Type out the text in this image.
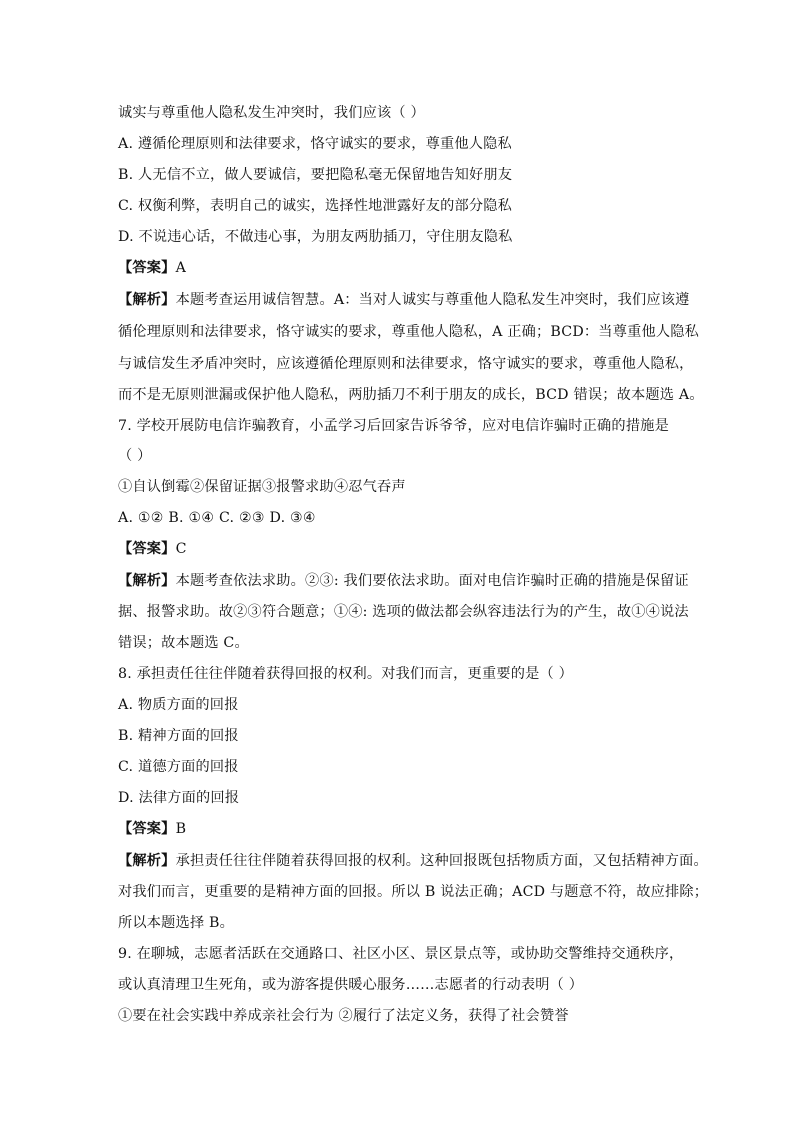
诚实与尊重他人隐私发生冲突时，我们应该（ ）
A. 遵循伦理原则和法律要求，恪守诚实的要求，尊重他人隐私
B. 人无信不立，做人要诚信，要把隐私毫无保留地告知好朋友
C. 权衡利弊，表明自己的诚实，选择性地泄露好友的部分隐私
D. 不说违心话，不做违心事，为朋友两肋插刀，守住朋友隐私
【答案】A
【解析】本题考查运用诚信智慧。A：当对人诚实与尊重他人隐私发生冲突时，我们应该遵
循伦理原则和法律要求，恪守诚实的要求，尊重他人隐私，A 正确；BCD：当尊重他人隐私
与诚信发生矛盾冲突时，应该遵循伦理原则和法律要求，恪守诚实的要求，尊重他人隐私，
而不是无原则泄漏或保护他人隐私，两肋插刀不利于朋友的成长，BCD 错误；故本题选 A。
7. 学校开展防电信诈骗教育，小孟学习后回家告诉爷爷，应对电信诈骗时正确的措施是
（ ）
①自认倒霉②保留证据③报警求助④忍气吞声
A. ①② B. ①④ C. ②③ D. ③④
【答案】C
【解析】本题考查依法求助。②③: 我们要依法求助。面对电信诈骗时正确的措施是保留证
据、报警求助。故②③符合题意；①④: 选项的做法都会纵容违法行为的产生，故①④说法
错误；故本题选 C。
8. 承担责任往往伴随着获得回报的权利。对我们而言，更重要的是（ ）
A. 物质方面的回报
B. 精神方面的回报
C. 道德方面的回报
D. 法律方面的回报
【答案】B
【解析】承担责任往往伴随着获得回报的权利。这种回报既包括物质方面，又包括精神方面。
对我们而言，更重要的是精神方面的回报。所以 B 说法正确；ACD 与题意不符，故应排除；
所以本题选择 B。
9. 在聊城，志愿者活跃在交通路口、社区小区、景区景点等，或协助交警维持交通秩序，
或认真清理卫生死角，或为游客提供暖心服务……志愿者的行动表明（ ）
①要在社会实践中养成亲社会行为 ②履行了法定义务，获得了社会赞誉
